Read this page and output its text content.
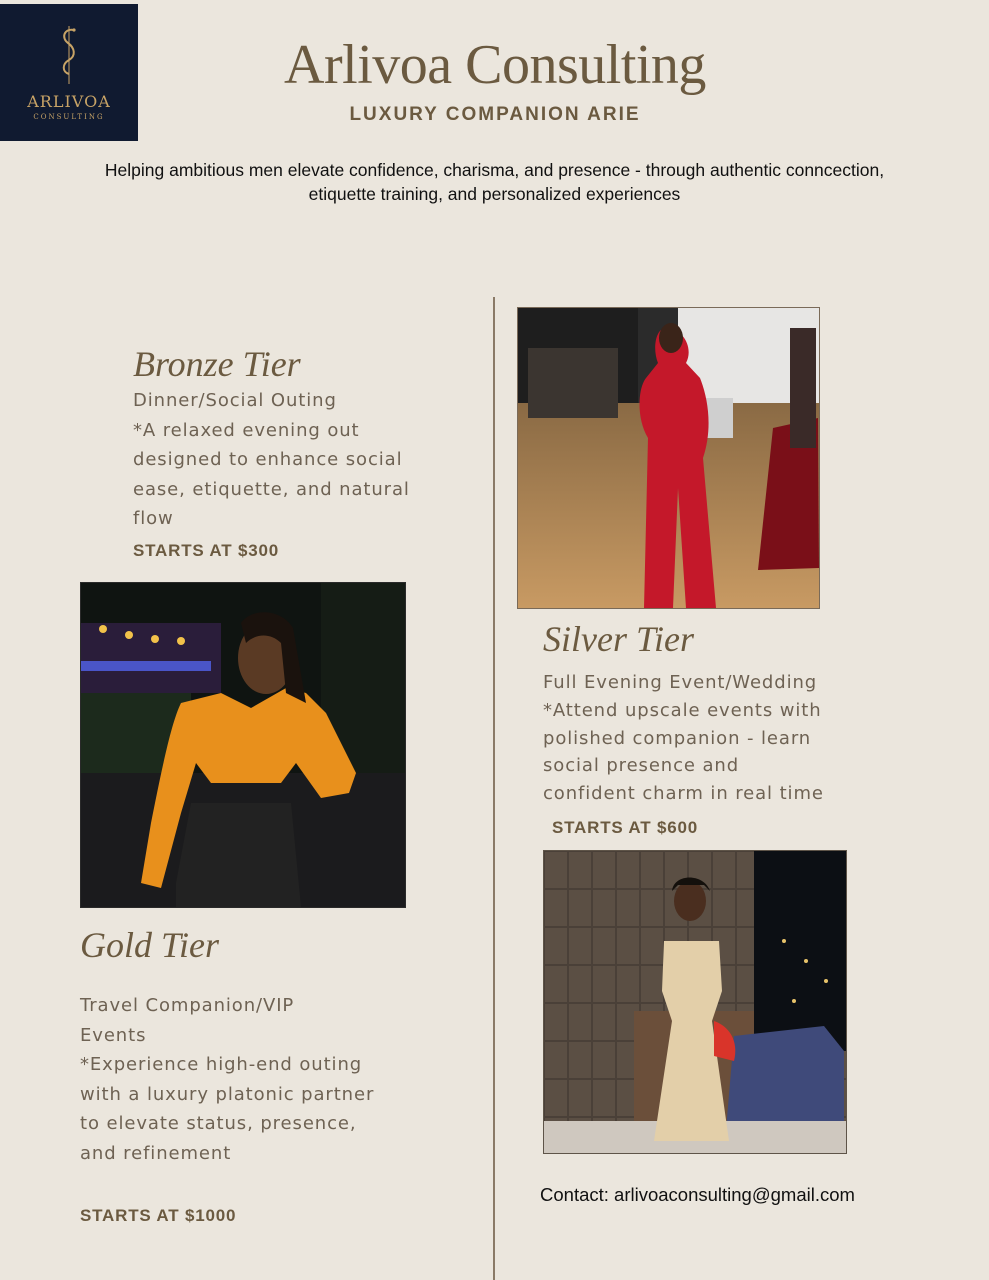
ARLIVOA
CONSULTING
Arlivoa Consulting
LUXURY COMPANION ARIE
Helping ambitious men elevate confidence, charisma, and presence - through authentic conncection,
etiquette training, and personalized experiences
Bronze Tier
Dinner/Social Outing
*A relaxed evening out
designed to enhance social
ease, etiquette, and natural
flow
STARTS AT $300
Silver Tier
Full Evening Event/Wedding
*Attend upscale events with
polished companion - learn
social presence and
confident charm in real time
STARTS AT $600
Gold Tier
Travel Companion/VIP
Events
*Experience high-end outing
with a luxury platonic partner
to elevate status, presence,
and refinement
STARTS AT $1000
Contact: arlivoaconsulting@gmail.com
